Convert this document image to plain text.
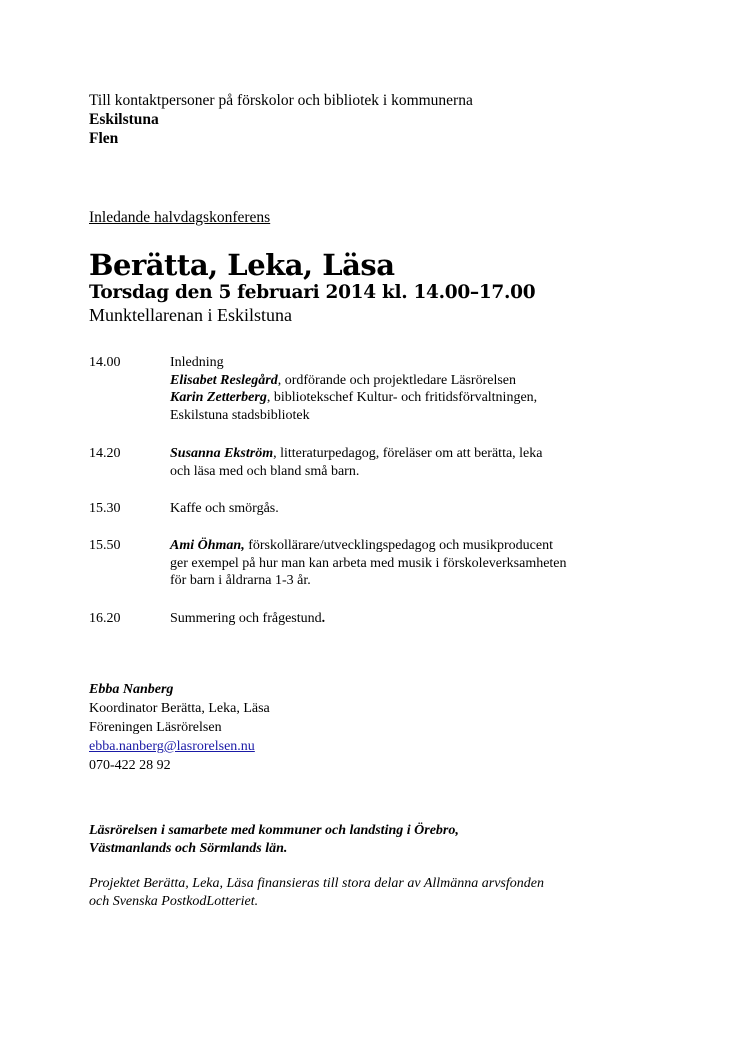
Till kontaktpersoner på förskolor och bibliotek i kommunerna
Eskilstuna
Flen
Inledande halvdagskonferens
Berätta, Leka, Läsa
Torsdag den 5 februari 2014 kl. 14.00–17.00
Munktellarenan i Eskilstuna
14.00	Inledning
Elisabet Reslegård, ordförande och projektledare Läsrörelsen
Karin Zetterberg, bibliotekschef Kultur- och fritidsförvaltningen,
Eskilstuna stadsbibliotek
14.20	Susanna Ekström, litteraturpedagog, föreläser om att berätta, leka
och läsa med och bland små barn.
15.30	Kaffe och smörgås.
15.50	Ami Öhman, förskollärare/utvecklingspedagog och musikproducent
ger exempel på hur man kan arbeta med musik i förskoleverksamheten
för barn i åldrarna 1-3 år.
16.20	Summering och frågestund.
Ebba Nanberg
Koordinator Berätta, Leka, Läsa
Föreningen Läsrörelsen
ebba.nanberg@lasrorelsen.nu
070-422 28 92
Läsrörelsen i samarbete med kommuner och landsting i Örebro,
Västmanlands och Sörmlands län.
Projektet Berätta, Leka, Läsa finansieras till stora delar av Allmänna arvsfonden
och Svenska PostkodLotteriet.
